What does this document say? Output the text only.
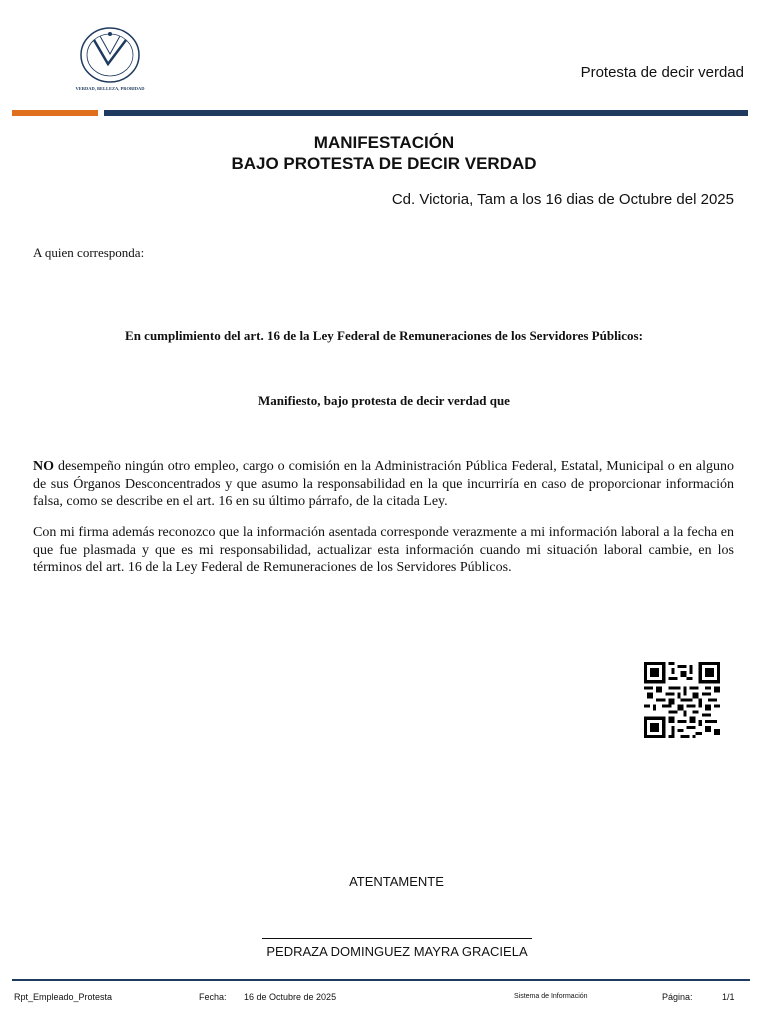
VERDAD, BELLEZA, PROBIDAD
Protesta de decir verdad
MANIFESTACIÓN
BAJO PROTESTA DE DECIR VERDAD
Cd. Victoria, Tam a los 16 dias de Octubre del 2025
A quien corresponda:
En cumplimiento del art. 16 de la Ley Federal de Remuneraciones de los Servidores Públicos:
Manifiesto, bajo protesta de decir verdad que
NO desempeño ningún otro empleo, cargo o comisión en la Administración Pública Federal, Estatal, Municipal o en alguno de sus Órganos Desconcentrados y que asumo la responsabilidad en la que incurriría en caso de proporcionar información falsa, como se describe en el art. 16 en su último párrafo, de la citada Ley.
Con mi firma además reconozco que la información asentada corresponde verazmente a mi información laboral a la fecha en que fue plasmada y que es mi responsabilidad, actualizar esta información cuando mi situación laboral cambie, en los términos del art. 16 de la Ley Federal de Remuneraciones de los Servidores Públicos.
ATENTAMENTE
PEDRAZA DOMINGUEZ MAYRA GRACIELA
Rpt_Empleado_Protesta	Fecha: 16 de Octubre de 2025	Sistema de Información	Página:	1/1
